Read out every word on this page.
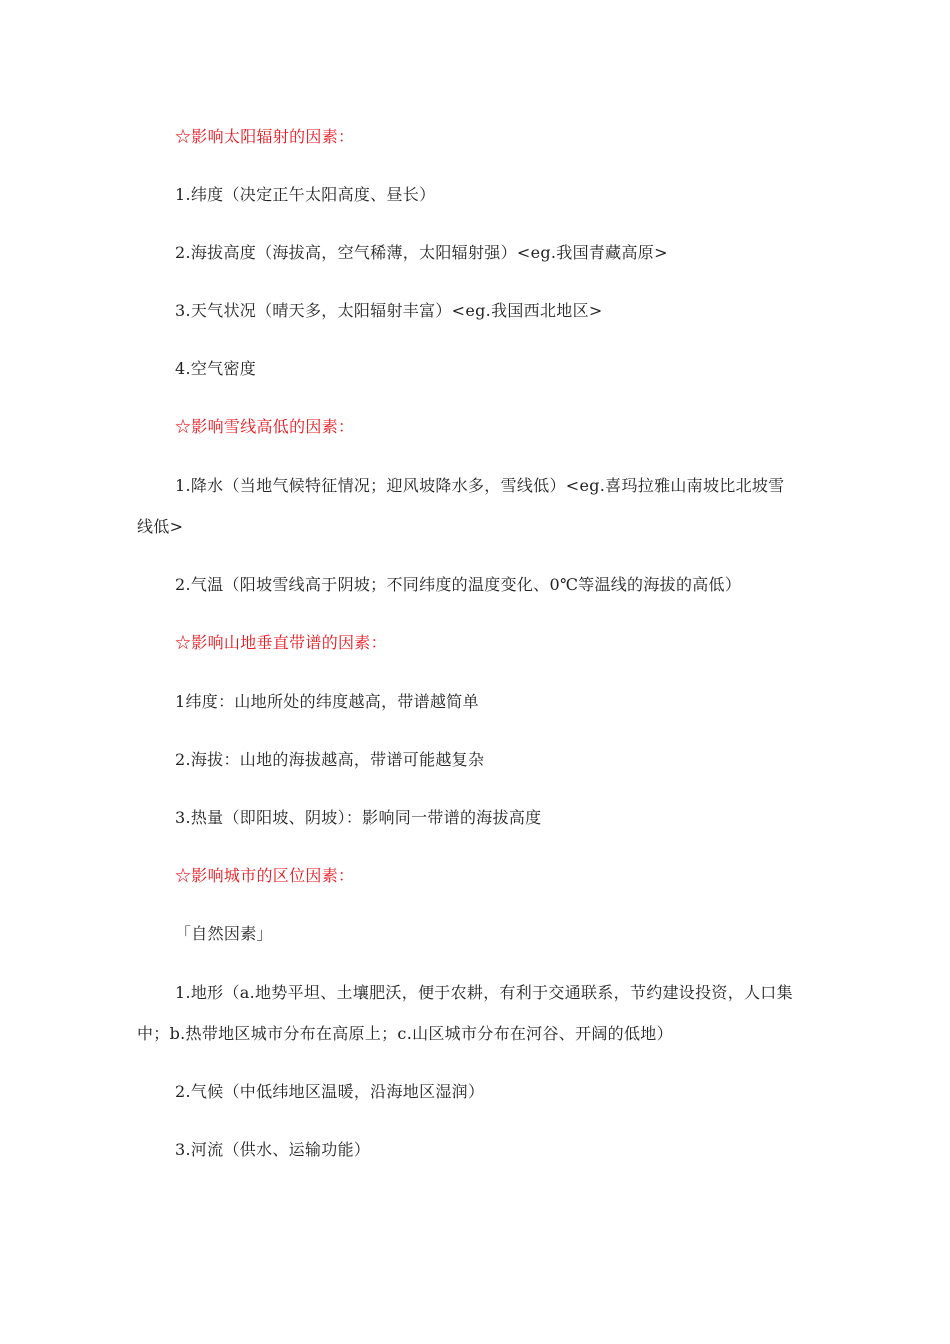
☆影响太阳辐射的因素：
1.纬度（决定正午太阳高度、昼长）
2.海拔高度（海拔高，空气稀薄，太阳辐射强）<eg.我国青藏高原>
3.天气状况（晴天多，太阳辐射丰富）<eg.我国西北地区>
4.空气密度
☆影响雪线高低的因素：
1.降水（当地气候特征情况；迎风坡降水多，雪线低）<eg.喜玛拉雅山南坡比北坡雪
线低>
2.气温（阳坡雪线高于阴坡；不同纬度的温度变化、0℃等温线的海拔的高低）
☆影响山地垂直带谱的因素：
1纬度：山地所处的纬度越高，带谱越简单
2.海拔：山地的海拔越高，带谱可能越复杂
3.热量（即阳坡、阴坡）：影响同一带谱的海拔高度
☆影响城市的区位因素：
「自然因素」
1.地形（a.地势平坦、土壤肥沃，便于农耕，有利于交通联系，节约建设投资，人口集
中；b.热带地区城市分布在高原上；c.山区城市分布在河谷、开阔的低地）
2.气候（中低纬地区温暖，沿海地区湿润）
3.河流（供水、运输功能）
